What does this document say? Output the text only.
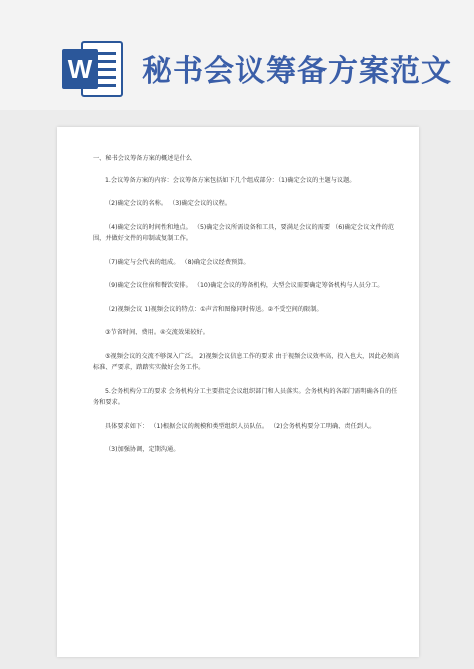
W 秘书会议筹备方案范文

一、秘书会议筹备方案的概述是什么

1.会议筹备方案的内容：会议筹备方案包括如下几个组成部分：（1)确定会议的主题与议题。

（2)确定会议的名称。 （3)确定会议的议程。

（4)确定会议的时间性和地点。 （5)确定会议所需设备和工具，要满足会议的需要 （6)确定会议文件的范围，并做好文件的印制或复制工作。

（7)确定与会代表的组成。 （8)确定会议经费预算。

（9)确定会议住宿和餐饮安排。 （10)确定会议的筹备机构，大型会议需要确定筹备机构与人员分工。

（2)视频会议 1)视频会议的特点：①声音和图像同时传送。②不受空间的限制。

③节省时间、费用。④交流效果较好。

⑤视频会议的交流不够深入广泛。 2)视频会议信息工作的要求 由于视频会议效率高，投入也大，因此必须高标准、严要求，踏踏实实做好会务工作。

5.会务机构分工的要求 会务机构分工主要指定会议组织部门和人员落实。会务机构的各部门需明确各自的任务和要求。

具体要求如下： （1)根据会议的规模和类型组织人员队伍。 （2)会务机构要分工明确、责任到人。

（3)加强协调，定期沟通。
